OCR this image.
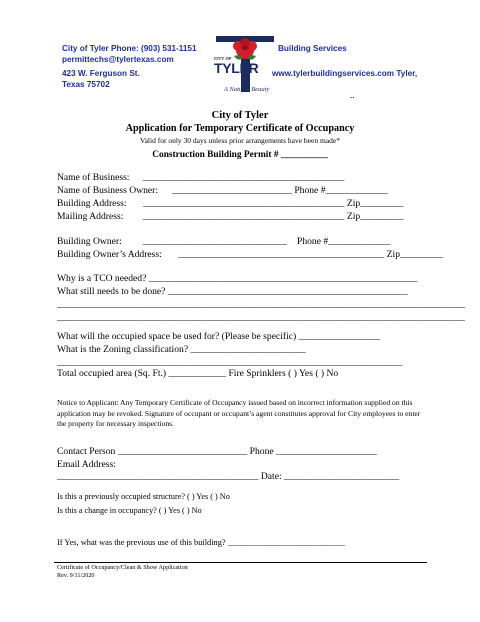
City of Tyler Phone: (903) 531-1151
permittechs@tylertexas.com
423 W. Ferguson St.
Texas 75702
Building Services
www.tylerbuildingservices.com Tyler,
..
CITY OF
TYLER
A Natural Beauty
City of Tyler
Application for Temporary Certificate of Occupancy
Valid for only 30 days unless prior arrangements have been made*
Construction Building Permit # __________
Name of Business: __________________________________________
Name of Business Owner: _________________________ Phone #_____________
Building Address: __________________________________________ Zip_________
Mailing Address: __________________________________________ Zip_________
Building Owner: ______________________________ Phone #_____________
Building Owner’s Address: ___________________________________________ Zip_________
Why is a TCO needed? ________________________________________________________
What still needs to be done? __________________________________________________
_____________________________________________________________________________________
_____________________________________________________________________________________
What will the occupied space be used for? (Please be specific) _________________
What is the Zoning classification? ________________________
________________________________________________________________________
Total occupied area (Sq. Ft.) ____________ Fire Sprinklers ( ) Yes ( ) No
Notice to Applicant: Any Temporary Certificate of Occupancy issued based on incorrect information supplied on this application may be revoked. Signature of occupant or occupant’s agent constitutes approval for City employees to enter the property for necessary inspections.
Contact Person ___________________________ Phone _____________________
Email Address:
__________________________________________ Date: ________________________
Is this a previously occupied structure? ( ) Yes ( ) No
Is this a change in occupancy? ( ) Yes ( ) No
If Yes, what was the previous use of this building? ____________________________
Certificate of Occupancy/Clean & Show Application
Rev. 9/11/2020
